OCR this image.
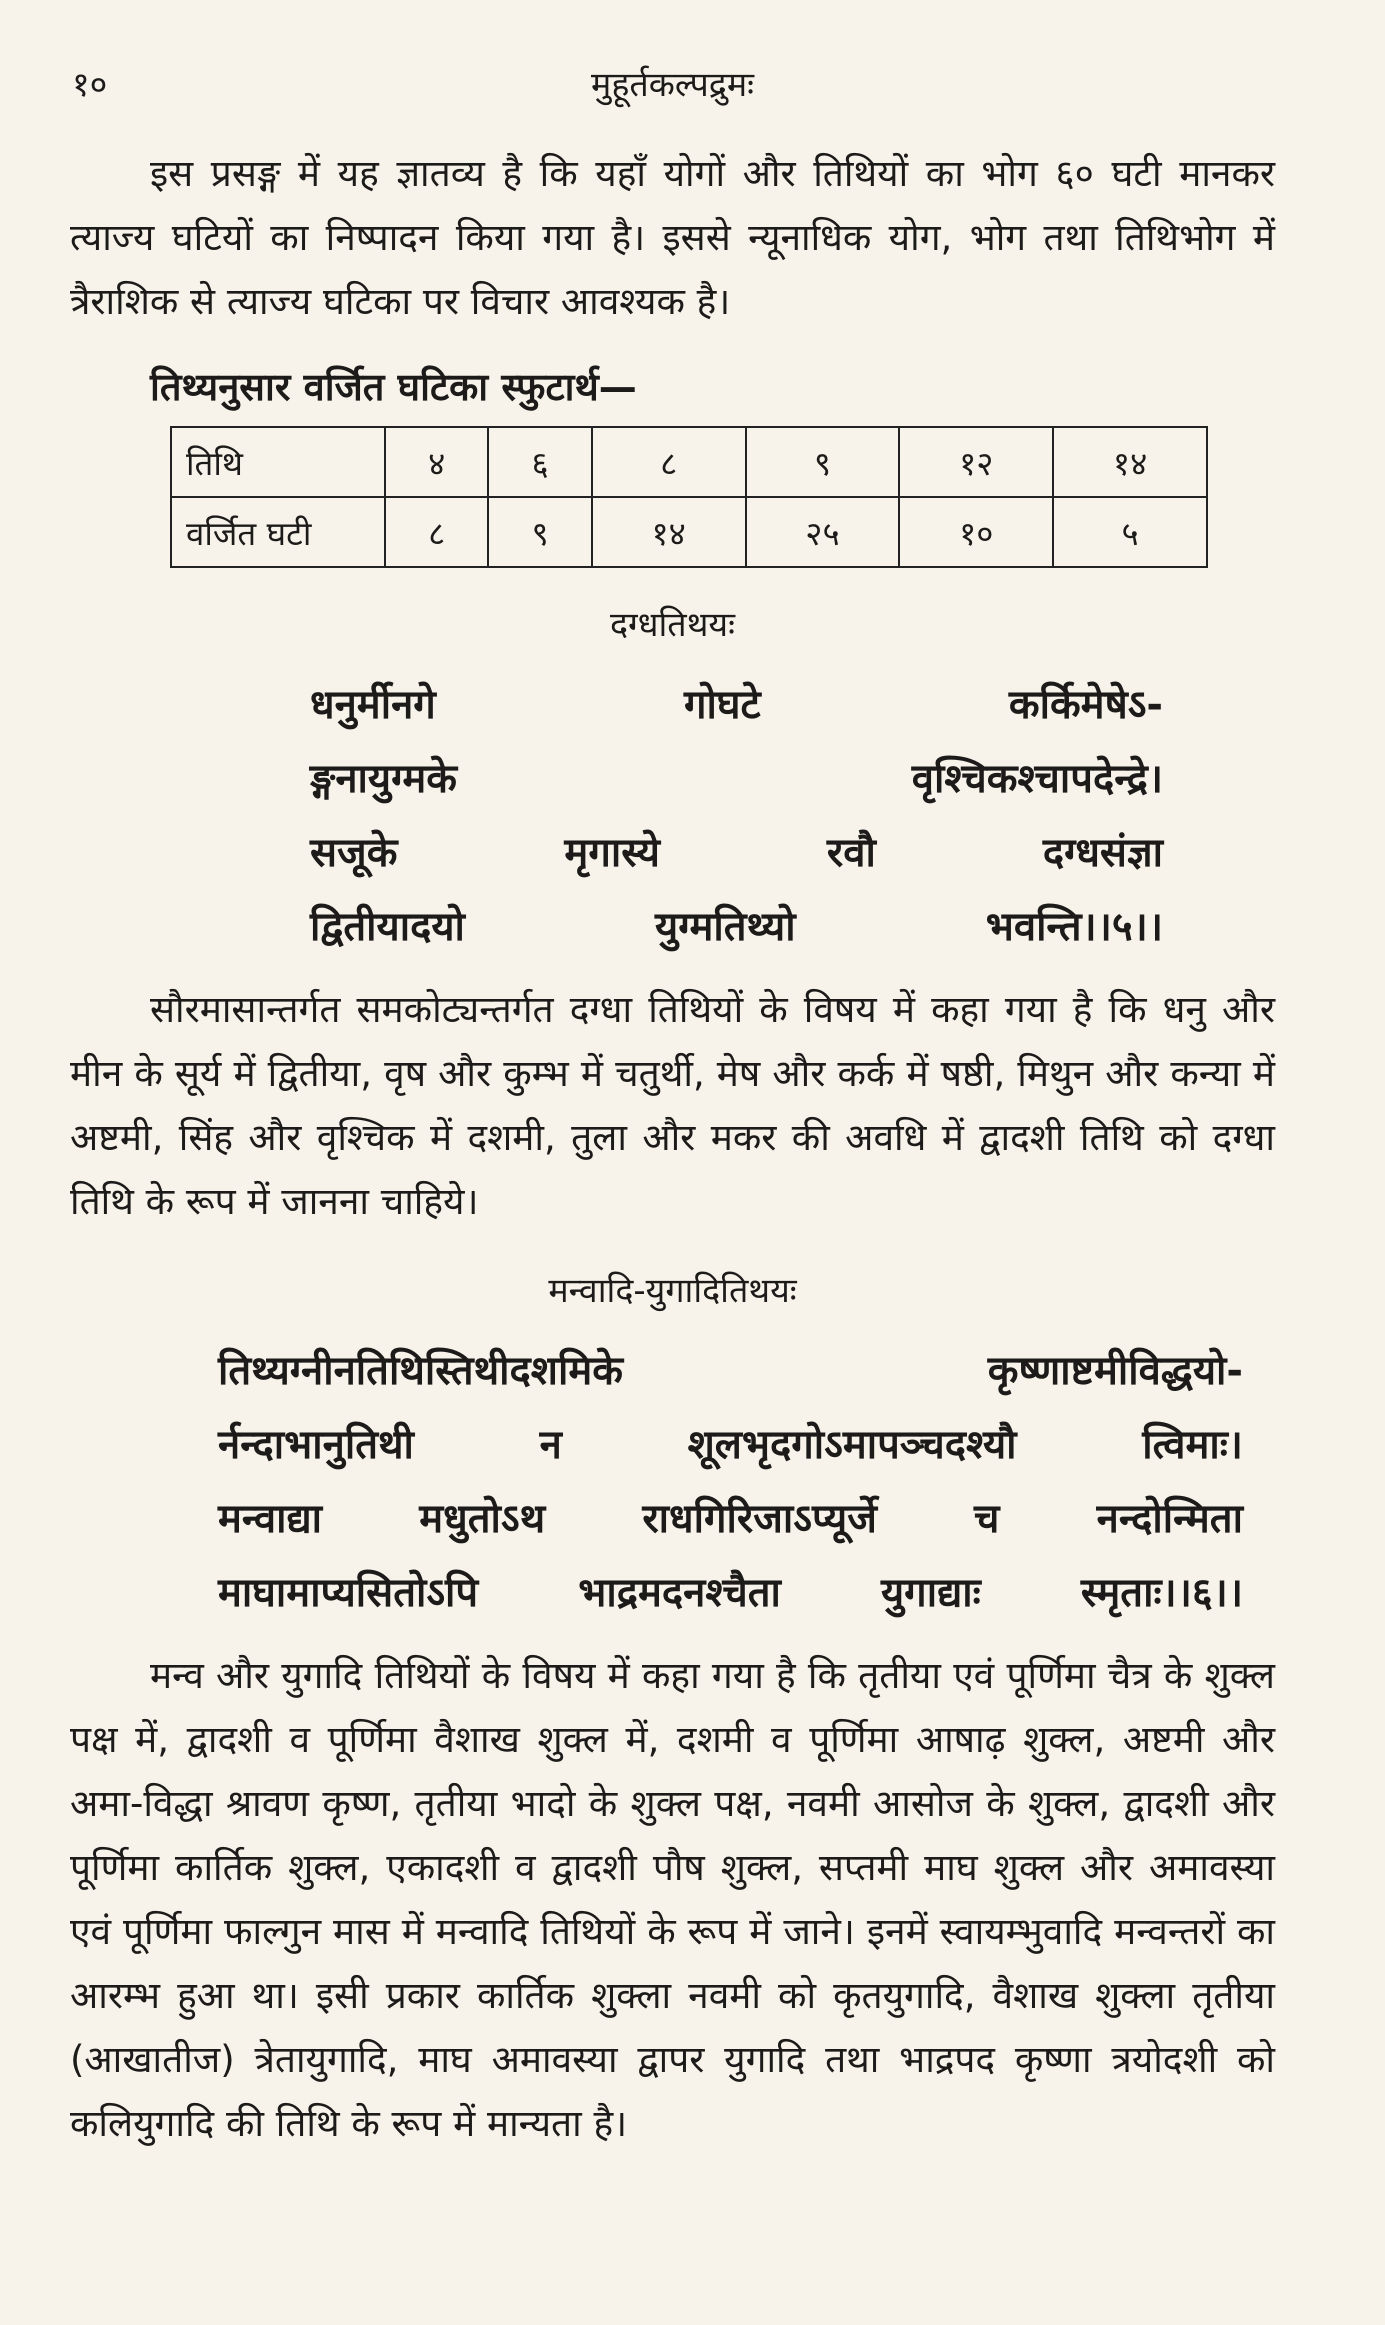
१०	मुहूर्तकल्पद्रुमः

इस प्रसङ्ग में यह ज्ञातव्य है कि यहाँ योगों और तिथियों का भोग ६० घटी मानकर त्याज्य घटियों का निष्पादन किया गया है। इससे न्यूनाधिक योग, भोग तथा तिथिभोग में त्रैराशिक से त्याज्य घटिका पर विचार आवश्यक है।

तिथ्यनुसार वर्जित घटिका स्फुटार्थ—
तिथि	४	६	८	९	१२	१४
वर्जित घटी	८	९	१४	२५	१०	५
दग्धतिथयः
धनुर्मीनगे	गोघटे	कर्किमेषेऽ-
ङ्गनायुग्मके	वृश्चिकश्चापदेन्द्रे।
सजूके	मृगास्ये	रवौ	दग्धसंज्ञा
द्वितीयादयो	युग्मतिथ्यो	भवन्ति।।५।।

सौरमासान्तर्गत समकोट्यन्तर्गत दग्धा तिथियों के विषय में कहा गया है कि धनु और मीन के सूर्य में द्वितीया, वृष और कुम्भ में चतुर्थी, मेष और कर्क में षष्ठी, मिथुन और कन्या में अष्टमी, सिंह और वृश्चिक में दशमी, तुला और मकर की अवधि में द्वादशी तिथि को दग्धा तिथि के रूप में जानना चाहिये।

मन्वादि-युगादितिथयः
तिथ्यग्नीनतिथिस्तिथीदशमिके	कृष्णाष्टमीविद्धयो-
र्नन्दाभानुतिथी	न	शूलभृदगोऽमापञ्चदश्यौ	त्विमाः।
मन्वाद्या मधुतोऽथ राधगिरिजाऽप्यूर्जे च नन्दोन्मिता
माघामाप्यसितोऽपि	भाद्रमदनश्चैता	युगाद्याः	स्मृताः।।६।।

मन्व और युगादि तिथियों के विषय में कहा गया है कि तृतीया एवं पूर्णिमा चैत्र के शुक्ल पक्ष में, द्वादशी व पूर्णिमा वैशाख शुक्ल में, दशमी व पूर्णिमा आषाढ़ शुक्ल, अष्टमी और अमा-विद्धा श्रावण कृष्ण, तृतीया भादो के शुक्ल पक्ष, नवमी आसोज के शुक्ल, द्वादशी और पूर्णिमा कार्तिक शुक्ल, एकादशी व द्वादशी पौष शुक्ल, सप्तमी माघ शुक्ल और अमावस्या एवं पूर्णिमा फाल्गुन मास में मन्वादि तिथियों के रूप में जाने। इनमें स्वायम्भुवादि मन्वन्तरों का आरम्भ हुआ था। इसी प्रकार कार्तिक शुक्ला नवमी को कृतयुगादि, वैशाख शुक्ला तृतीया (आखातीज) त्रेतायुगादि, माघ अमावस्या द्वापर युगादि तथा भाद्रपद कृष्णा त्रयोदशी को कलियुगादि की तिथि के रूप में मान्यता है।
